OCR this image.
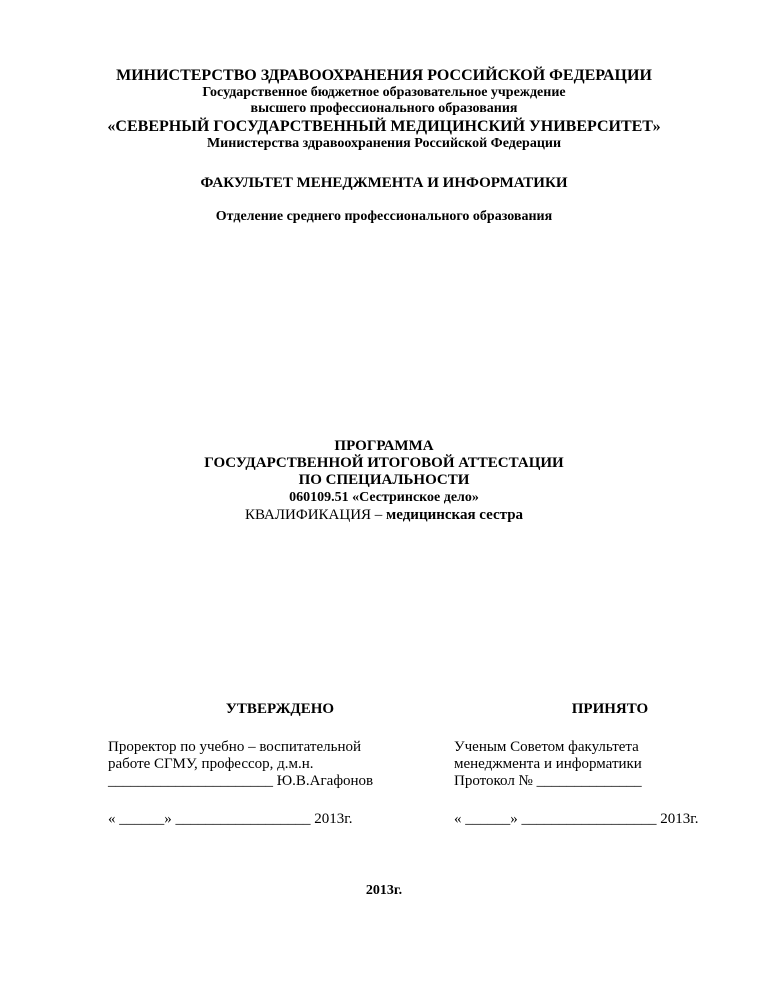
МИНИСТЕРСТВО ЗДРАВООХРАНЕНИЯ РОССИЙСКОЙ ФЕДЕРАЦИИ
Государственное бюджетное образовательное учреждение
высшего профессионального образования
«СЕВЕРНЫЙ ГОСУДАРСТВЕННЫЙ МЕДИЦИНСКИЙ УНИВЕРСИТЕТ»
Министерства здравоохранения Российской Федерации
ФАКУЛЬТЕТ МЕНЕДЖМЕНТА И ИНФОРМАТИКИ
Отделение среднего профессионального образования
ПРОГРАММА
ГОСУДАРСТВЕННОЙ ИТОГОВОЙ АТТЕСТАЦИИ
ПО СПЕЦИАЛЬНОСТИ
060109.51 «Сестринское дело»
КВАЛИФИКАЦИЯ – медицинская сестра
УТВЕРЖДЕНО
Проректор по учебно – воспитательной
работе СГМУ, профессор, д.м.н.
______________________ Ю.В.Агафонов
« ______» __________________ 2013г.
ПРИНЯТО
Ученым Советом факультета
менеджмента и информатики
Протокол № ______________
« ______» __________________ 2013г.
2013г.
